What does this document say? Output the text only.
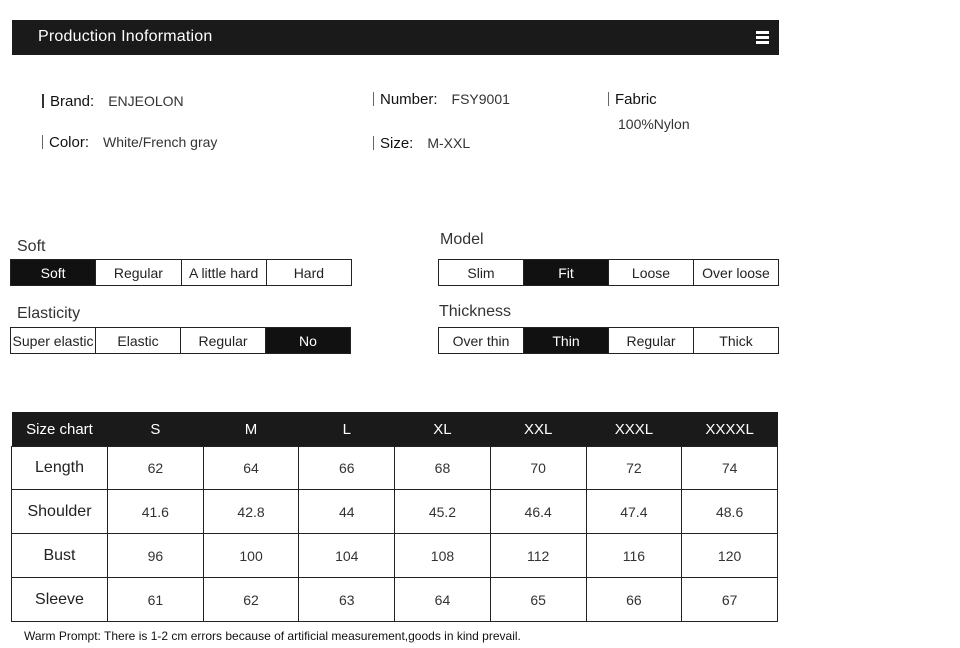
Production Inoformation
Brand: ENJEOLON	Number: FSY9001	Fabric
100%Nylon
Color: White/French gray	Size: M-XXL
Soft
Soft	Regular	A little hard	Hard
Elasticity
Super elastic	Elastic	Regular	No
Model
Slim	Fit	Loose	Over loose
Thickness
Over thin	Thin	Regular	Thick
Size chart	S	M	L	XL	XXL	XXXL	XXXXL
Length	62	64	66	68	70	72	74
Shoulder	41.6	42.8	44	45.2	46.4	47.4	48.6
Bust	96	100	104	108	112	116	120
Sleeve	61	62	63	64	65	66	67
Warm Prompt: There is 1-2 cm errors because of artificial measurement,goods in kind prevail.
